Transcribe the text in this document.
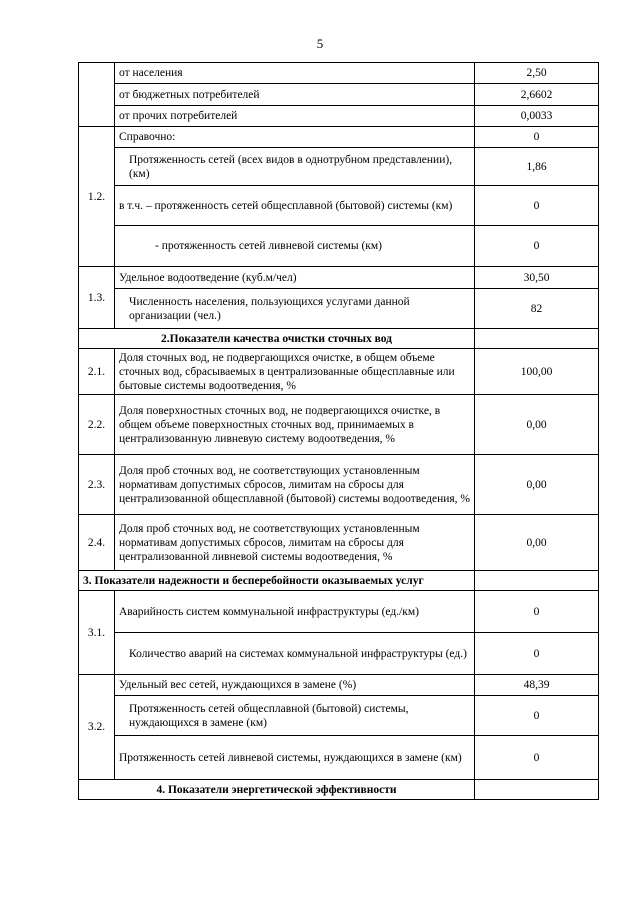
5
	от населения	2,50
	от бюджетных потребителей	2,6602
	от прочих потребителей	0,0033
1.2.	Справочно:	0
	Протяженность сетей (всех видов в однотрубном представлении), (км)	1,86
	в т.ч. – протяженность сетей общесплавной (бытовой) системы (км)	0
	- протяженность сетей ливневой системы (км)	0
1.3.	Удельное водоотведение (куб.м/чел)	30,50
	Численность населения, пользующихся услугами данной организации (чел.)	82
2.Показатели качества очистки сточных вод		
2.1.	Доля сточных вод, не подвергающихся очистке, в общем объеме сточных вод, сбрасываемых в централизованные общесплавные или бытовые системы водоотведения, %	100,00
2.2.	Доля поверхностных сточных вод, не подвергающихся очистке, в общем объеме поверхностных сточных вод, принимаемых в централизованную ливневую систему водоотведения, %	0,00
2.3.	Доля проб сточных вод, не соответствующих установленным нормативам допустимых сбросов, лимитам на сбросы для централизованной общесплавной (бытовой) системы водоотведения, %	0,00
2.4.	Доля проб сточных вод, не соответствующих установленным нормативам допустимых сбросов, лимитам на сбросы для централизованной ливневой системы водоотведения, %	0,00
3. Показатели надежности и бесперебойности оказываемых услуг		
3.1.	Аварийность систем коммунальной инфраструктуры (ед./км)	0
	Количество аварий на системах коммунальной инфраструктуры (ед.)	0
3.2.	Удельный вес сетей, нуждающихся в замене (%)	48,39
	Протяженность сетей общесплавной (бытовой) системы, нуждающихся в замене (км)	0
	Протяженность сетей ливневой системы, нуждающихся в замене (км)	0
4. Показатели энергетической эффективности		
